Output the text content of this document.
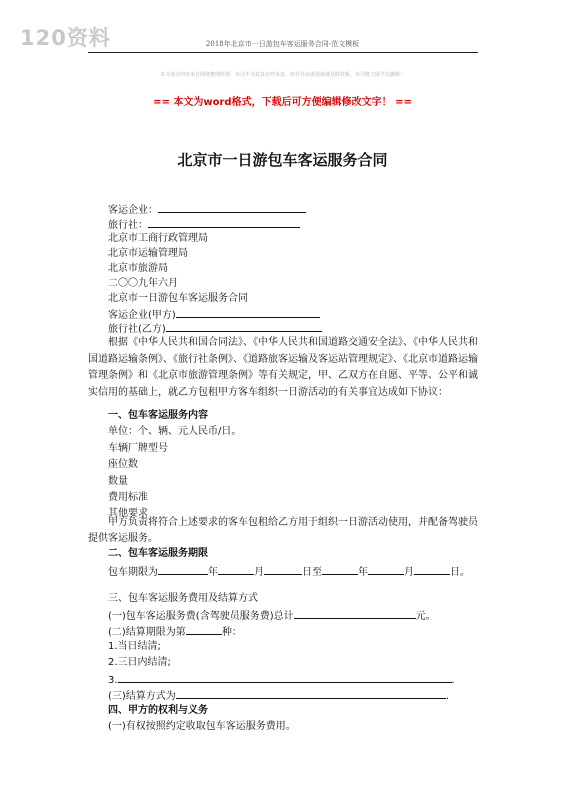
120资料	2018年北京市一日游包车客运服务合同-范文模板
本文部分内容来自网络整理所得，本司不为其真实性负责，如有异议或侵权请及时联系，本司将立即予以删除！
== 本文为word格式，下载后可方便编辑修改文字！ ==
北京市一日游包车客运服务合同
客运企业：
旅行社：
北京市工商行政管理局
北京市运输管理局
北京市旅游局
二〇〇九年六月
北京市一日游包车客运服务合同
客运企业(甲方)
旅行社(乙方)
根据《中华人民共和国合同法》、《中华人民共和国道路交通安全法》、《中华人民共和国道路运输条例》、《旅行社条例》、《道路旅客运输及客运站管理规定》、《北京市道路运输管理条例》和《北京市旅游管理条例》等有关规定，甲、乙双方在自愿、平等、公平和诚实信用的基础上，就乙方包租甲方客车组织一日游活动的有关事宜达成如下协议：
一、包车客运服务内容
单位：个、辆、元人民币/日。
车辆厂牌型号
座位数
数量
费用标准
其他要求
甲方负责将符合上述要求的客车包租给乙方用于组织一日游活动使用，并配备驾驶员提供客运服务。
二、包车客运服务期限
包车期限为	年	月	日至	年	月	日。
三、包车客运服务费用及结算方式
(一)包车客运服务费(含驾驶员服务费)总计	元。
(二)结算期限为第	种：
1.当日结清;
2.三日内结清;
3.	.
(三)结算方式为	.
四、甲方的权利与义务
(一)有权按照约定收取包车客运服务费用。
